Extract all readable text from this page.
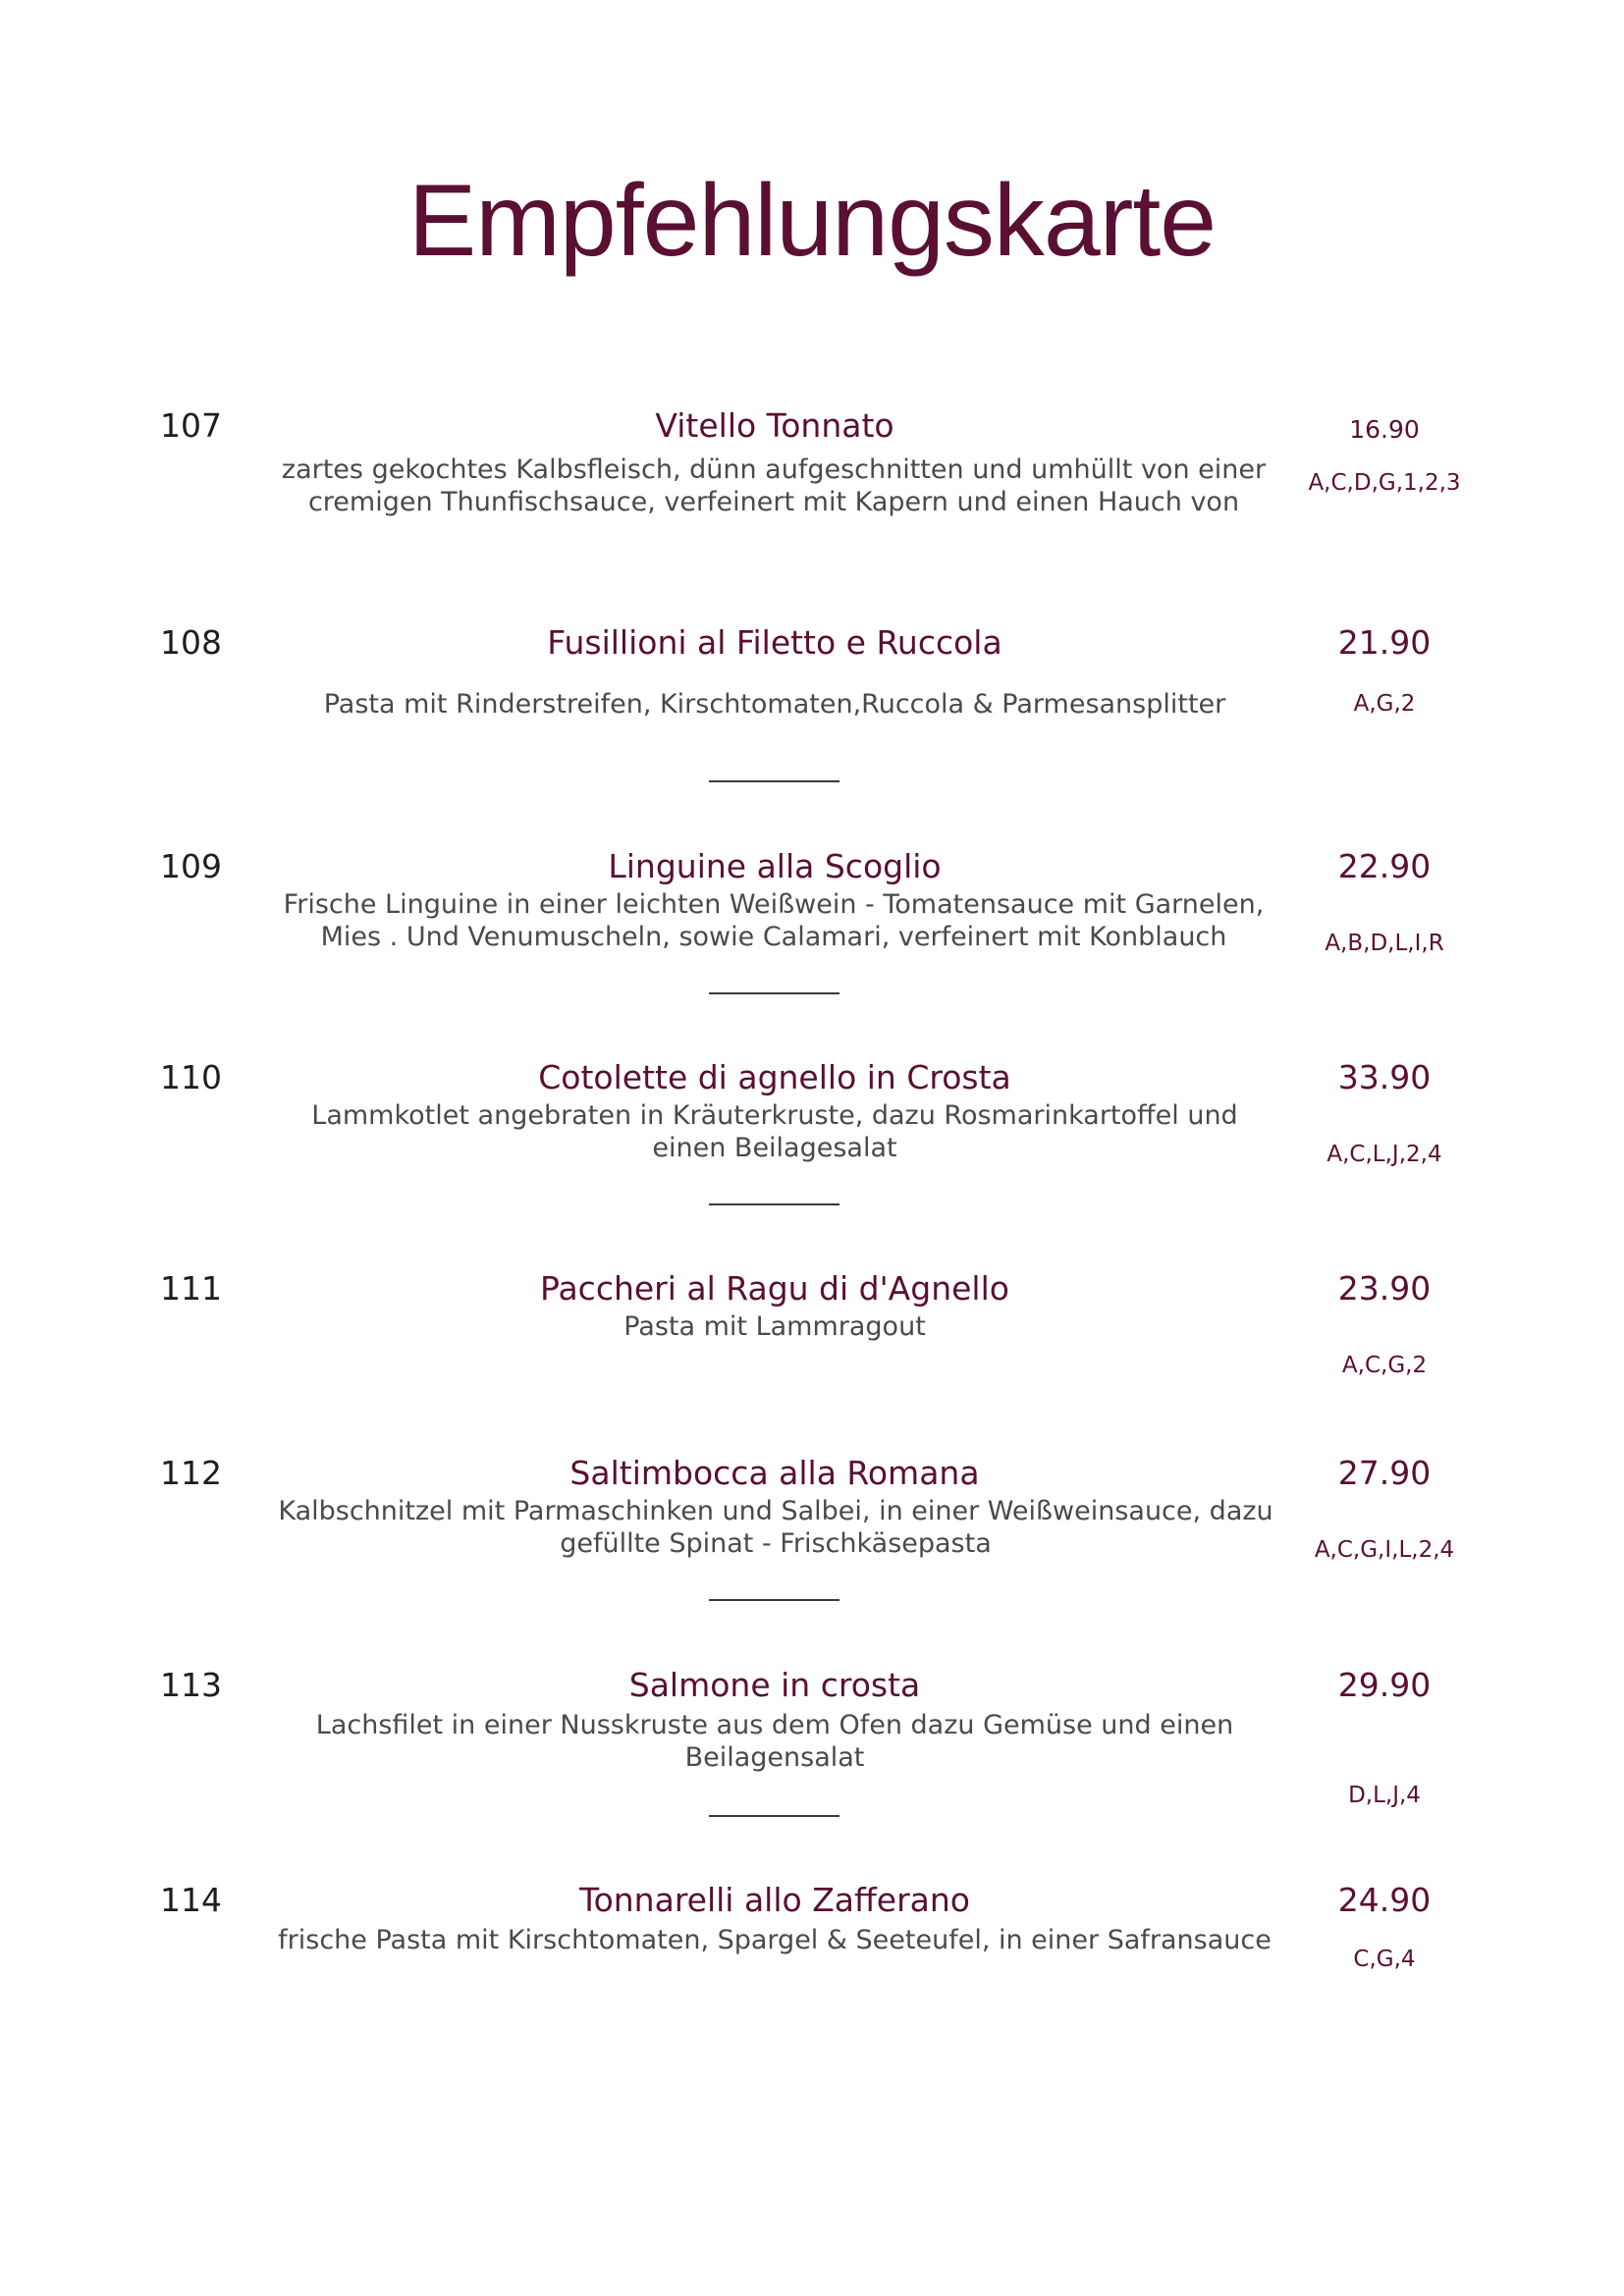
Empfehlungskarte
107	Vitello Tonnato	16.90
zartes gekochtes Kalbsfleisch, dünn aufgeschnitten und umhüllt von einer cremigen Thunfischsauce, verfeinert mit Kapern und einen Hauch von
A,C,D,G,1,2,3
108	Fusillioni al Filetto e Ruccola	21.90
Pasta mit Rinderstreifen, Kirschtomaten,Ruccola & Parmesansplitter	A,G,2
109	Linguine alla Scoglio	22.90
Frische Linguine in einer leichten Weißwein - Tomatensauce mit Garnelen, Mies . Und Venumuscheln, sowie Calamari, verfeinert mit Konblauch	A,B,D,L,I,R
110	Cotolette di agnello in Crosta	33.90
Lammkotlet angebraten in Kräuterkruste, dazu Rosmarinkartoffel und einen Beilagesalat	A,C,L,J,2,4
111	Paccheri al Ragu di d'Agnello	23.90
Pasta mit Lammragout
A,C,G,2
112	Saltimbocca alla Romana	27.90
Kalbschnitzel mit Parmaschinken und Salbei, in einer Weißweinsauce, dazu gefüllte Spinat - Frischkäsepasta	A,C,G,I,L,2,4
113	Salmone in crosta	29.90
Lachsfilet in einer Nusskruste aus dem Ofen dazu Gemüse und einen Beilagensalat
D,L,J,4
114	Tonnarelli allo Zafferano	24.90
frische Pasta mit Kirschtomaten, Spargel & Seeteufel, in einer Safransauce
C,G,4
